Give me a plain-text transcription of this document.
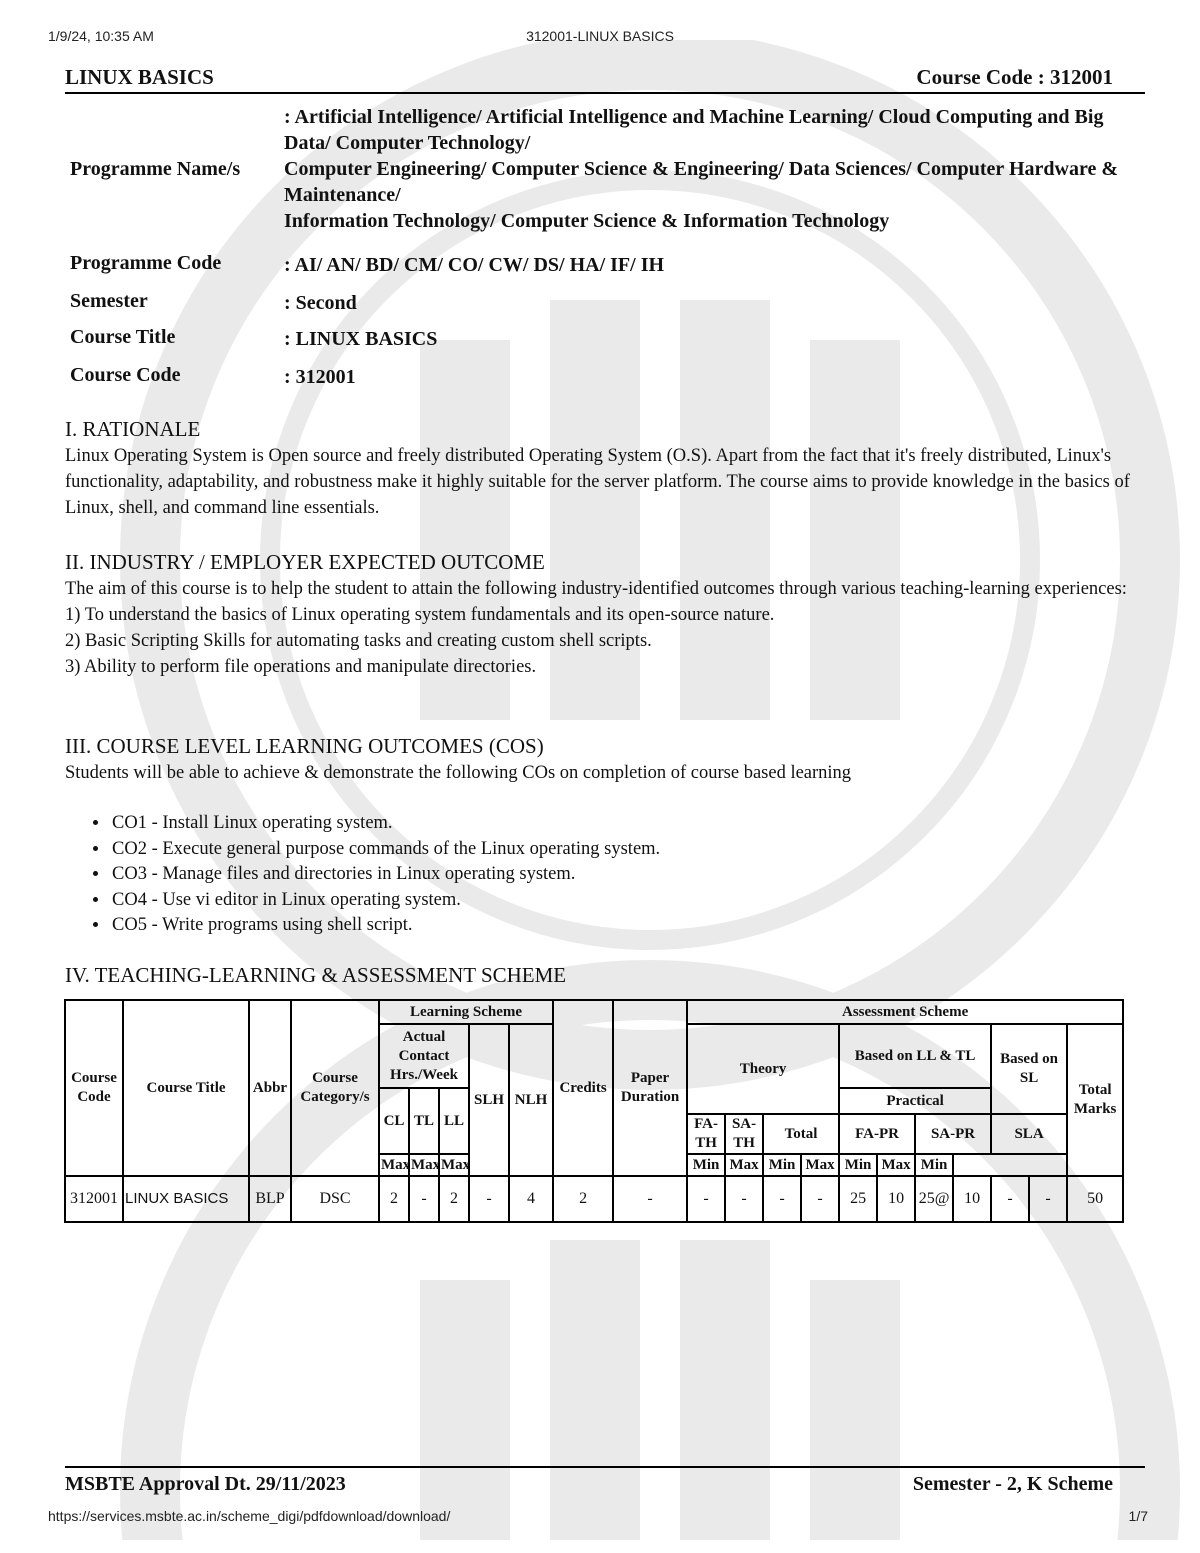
1/9/24, 10:35 AM	312001-LINUX BASICS
LINUX BASICS	Course Code : 312001
Programme Name/s
: Artificial Intelligence/ Artificial Intelligence and Machine Learning/ Cloud Computing and Big Data/ Computer Technology/
Computer Engineering/ Computer Science & Engineering/ Data Sciences/ Computer Hardware & Maintenance/
Information Technology/ Computer Science & Information Technology
Programme Code	: AI/ AN/ BD/ CM/ CO/ CW/ DS/ HA/ IF/ IH
Semester	: Second
Course Title	: LINUX BASICS
Course Code	: 312001
I. RATIONALE
Linux Operating System is Open source and freely distributed Operating System (O.S). Apart from the fact that it's freely distributed, Linux's functionality, adaptability, and robustness make it highly suitable for the server platform. The course aims to provide knowledge in the basics of Linux, shell, and command line essentials.
II. INDUSTRY / EMPLOYER EXPECTED OUTCOME
The aim of this course is to help the student to attain the following industry-identified outcomes through various teaching-learning experiences:
1) To understand the basics of Linux operating system fundamentals and its open-source nature.
2) Basic Scripting Skills for automating tasks and creating custom shell scripts.
3) Ability to perform file operations and manipulate directories.
III. COURSE LEVEL LEARNING OUTCOMES (COS)
Students will be able to achieve & demonstrate the following COs on completion of course based learning
• CO1 - Install Linux operating system.
• CO2 - Execute general purpose commands of the Linux operating system.
• CO3 - Manage files and directories in Linux operating system.
• CO4 - Use vi editor in Linux operating system.
• CO5 - Write programs using shell script.
IV. TEACHING-LEARNING & ASSESSMENT SCHEME
Course Code	Course Title	Abbr	Course Category/s	Learning Scheme					Credits	Paper Duration	Assessment Scheme										
				Actual Contact Hrs./Week			SLH	NLH			Theory				Based on LL & TL				Based on SL		Total Marks
				CL	TL	LL									Practical						
											FA-TH	SA-TH	Total		FA-PR		SA-PR		SLA		
				Max	Max	Max					Min	Max	Min	Max	Min	Max	Min				
312001	LINUX BASICS	BLP	DSC	2	-	2	-	4	2	-	-	-	-	-	25	10	25@	10	-	-	50
MSBTE Approval Dt. 29/11/2023	Semester - 2, K Scheme
https://services.msbte.ac.in/scheme_digi/pdfdownload/download/	1/7
